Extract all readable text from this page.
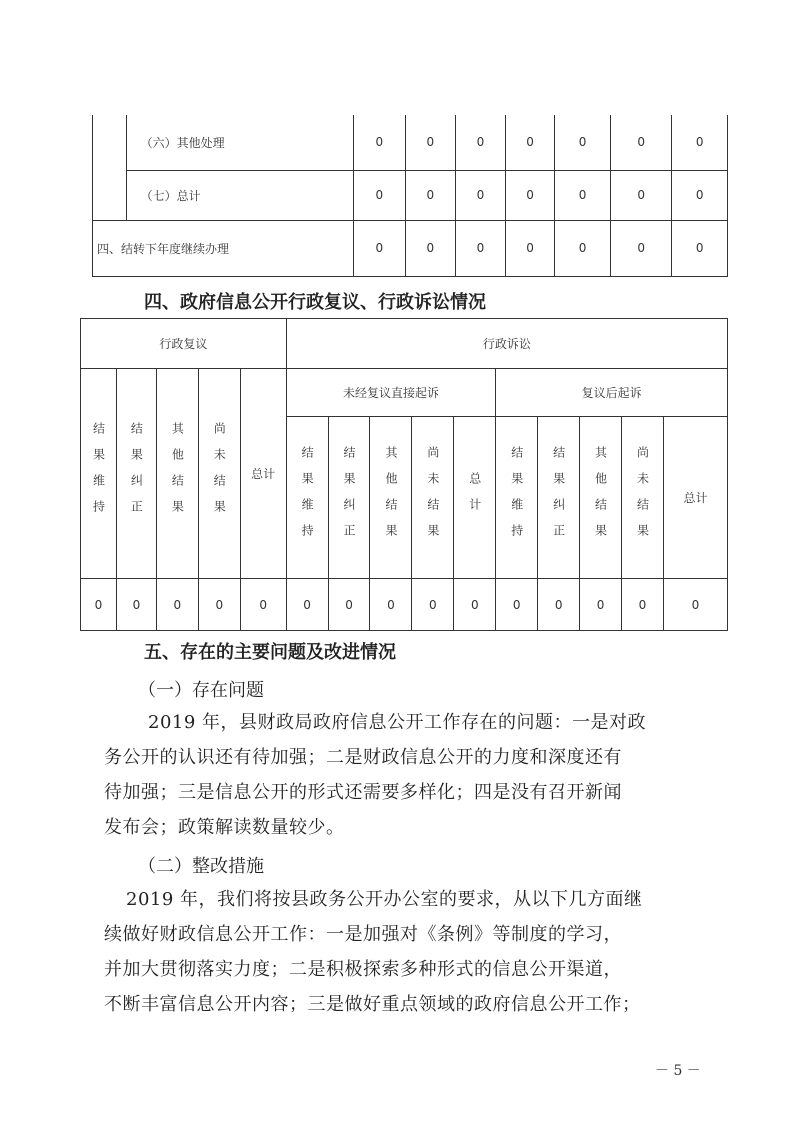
	（六）其他处理	0	0	0	0	0	0	0
	（七）总计	0	0	0	0	0	0	0
四、结转下年度继续办理		0	0	0	0	0	0	0
四、政府信息公开行政复议、行政诉讼情况
行政复议					行政诉讼									

结果维持	结果纠正	其他结果	尚未结果	总计	未经复议直接起诉					复议后起诉				

					结果维持	结果纠正	其他结果	尚未结果	总计	结果维持	结果纠正	其他结果	尚未结果	总计
0	0	0	0	0	0	0	0	0	0	0	0	0	0	0
五、存在的主要问题及改进情况
（一）存在问题
2019 年，县财政局政府信息公开工作存在的问题：一是对政
务公开的认识还有待加强；二是财政信息公开的力度和深度还有
待加强；三是信息公开的形式还需要多样化；四是没有召开新闻
发布会；政策解读数量较少。
（二）整改措施
2019 年，我们将按县政务公开办公室的要求，从以下几方面继
续做好财政信息公开工作：一是加强对《条例》等制度的学习，
并加大贯彻落实力度；二是积极探索多种形式的信息公开渠道，
不断丰富信息公开内容；三是做好重点领域的政府信息公开工作；
－ 5 －
